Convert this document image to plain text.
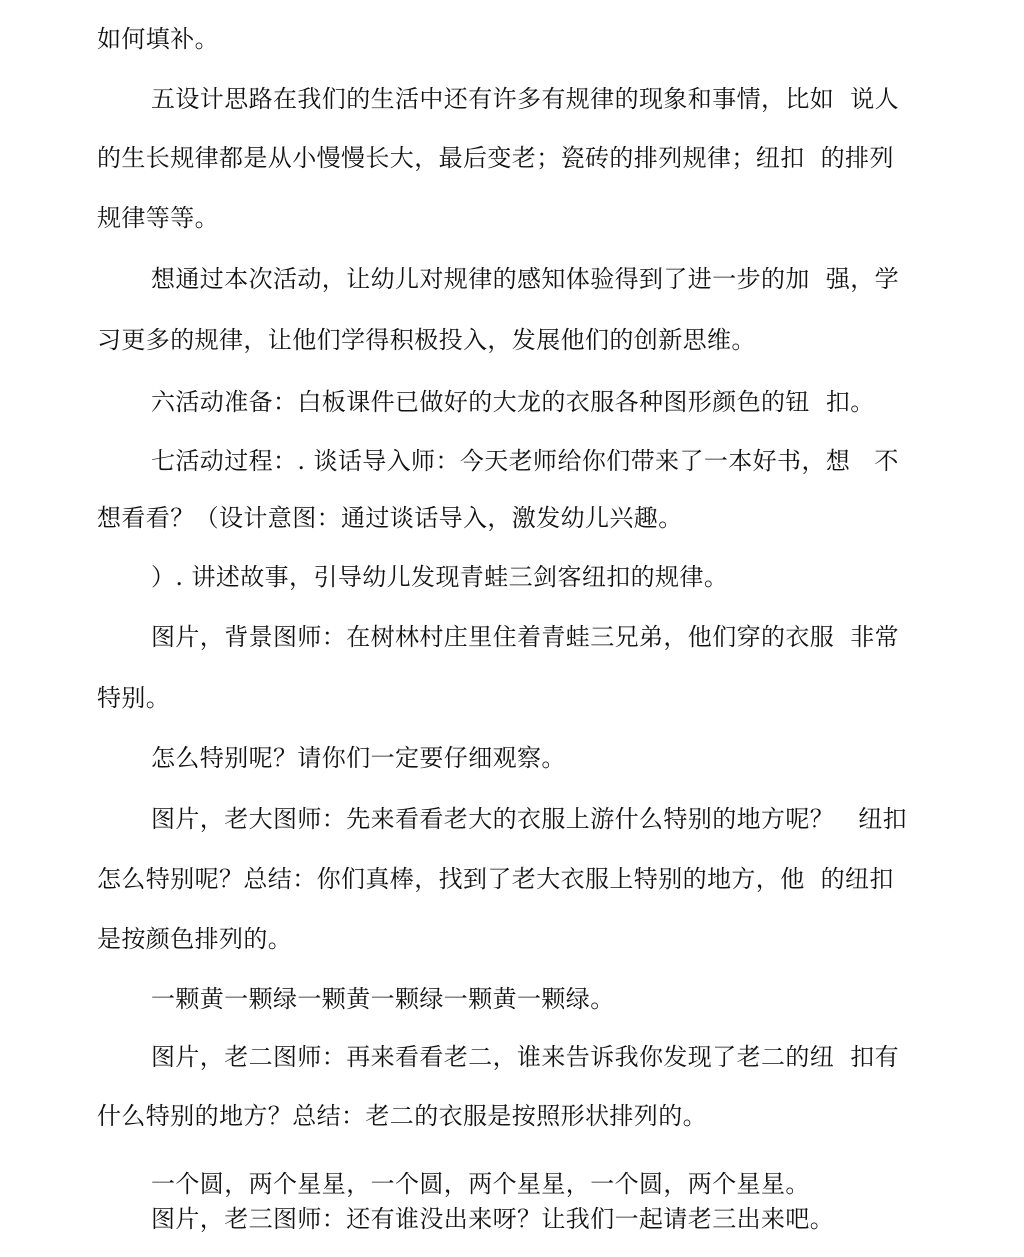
如何填补。
五设计思路在我们的生活中还有许多有规律的现象和事情，比如  说人
的生长规律都是从小慢慢长大，最后变老；瓷砖的排列规律；纽扣  的排列
规律等等。
想通过本次活动，让幼儿对规律的感知体验得到了进一步的加  强，学
习更多的规律，让他们学得积极投入，发展他们的创新思维。
六活动准备：白板课件已做好的大龙的衣服各种图形颜色的钮  扣。
七活动过程：. 谈话导入师：今天老师给你们带来了一本好书，想   不
想看看？（设计意图：通过谈话导入，激发幼儿兴趣。
）. 讲述故事，引导幼儿发现青蛙三剑客纽扣的规律。
图片，背景图师：在树林村庄里住着青蛙三兄弟，他们穿的衣服  非常
特别。
怎么特别呢？请你们一定要仔细观察。
图片，老大图师：先来看看老大的衣服上游什么特别的地方呢？   纽扣
怎么特别呢？总结：你们真棒，找到了老大衣服上特别的地方，他  的纽扣
是按颜色排列的。
一颗黄一颗绿一颗黄一颗绿一颗黄一颗绿。
图片，老二图师：再来看看老二，谁来告诉我你发现了老二的纽  扣有
什么特别的地方？总结：老二的衣服是按照形状排列的。
一个圆，两个星星，一个圆，两个星星，一个圆，两个星星。
图片，老三图师：还有谁没出来呀？让我们一起请老三出来吧。
